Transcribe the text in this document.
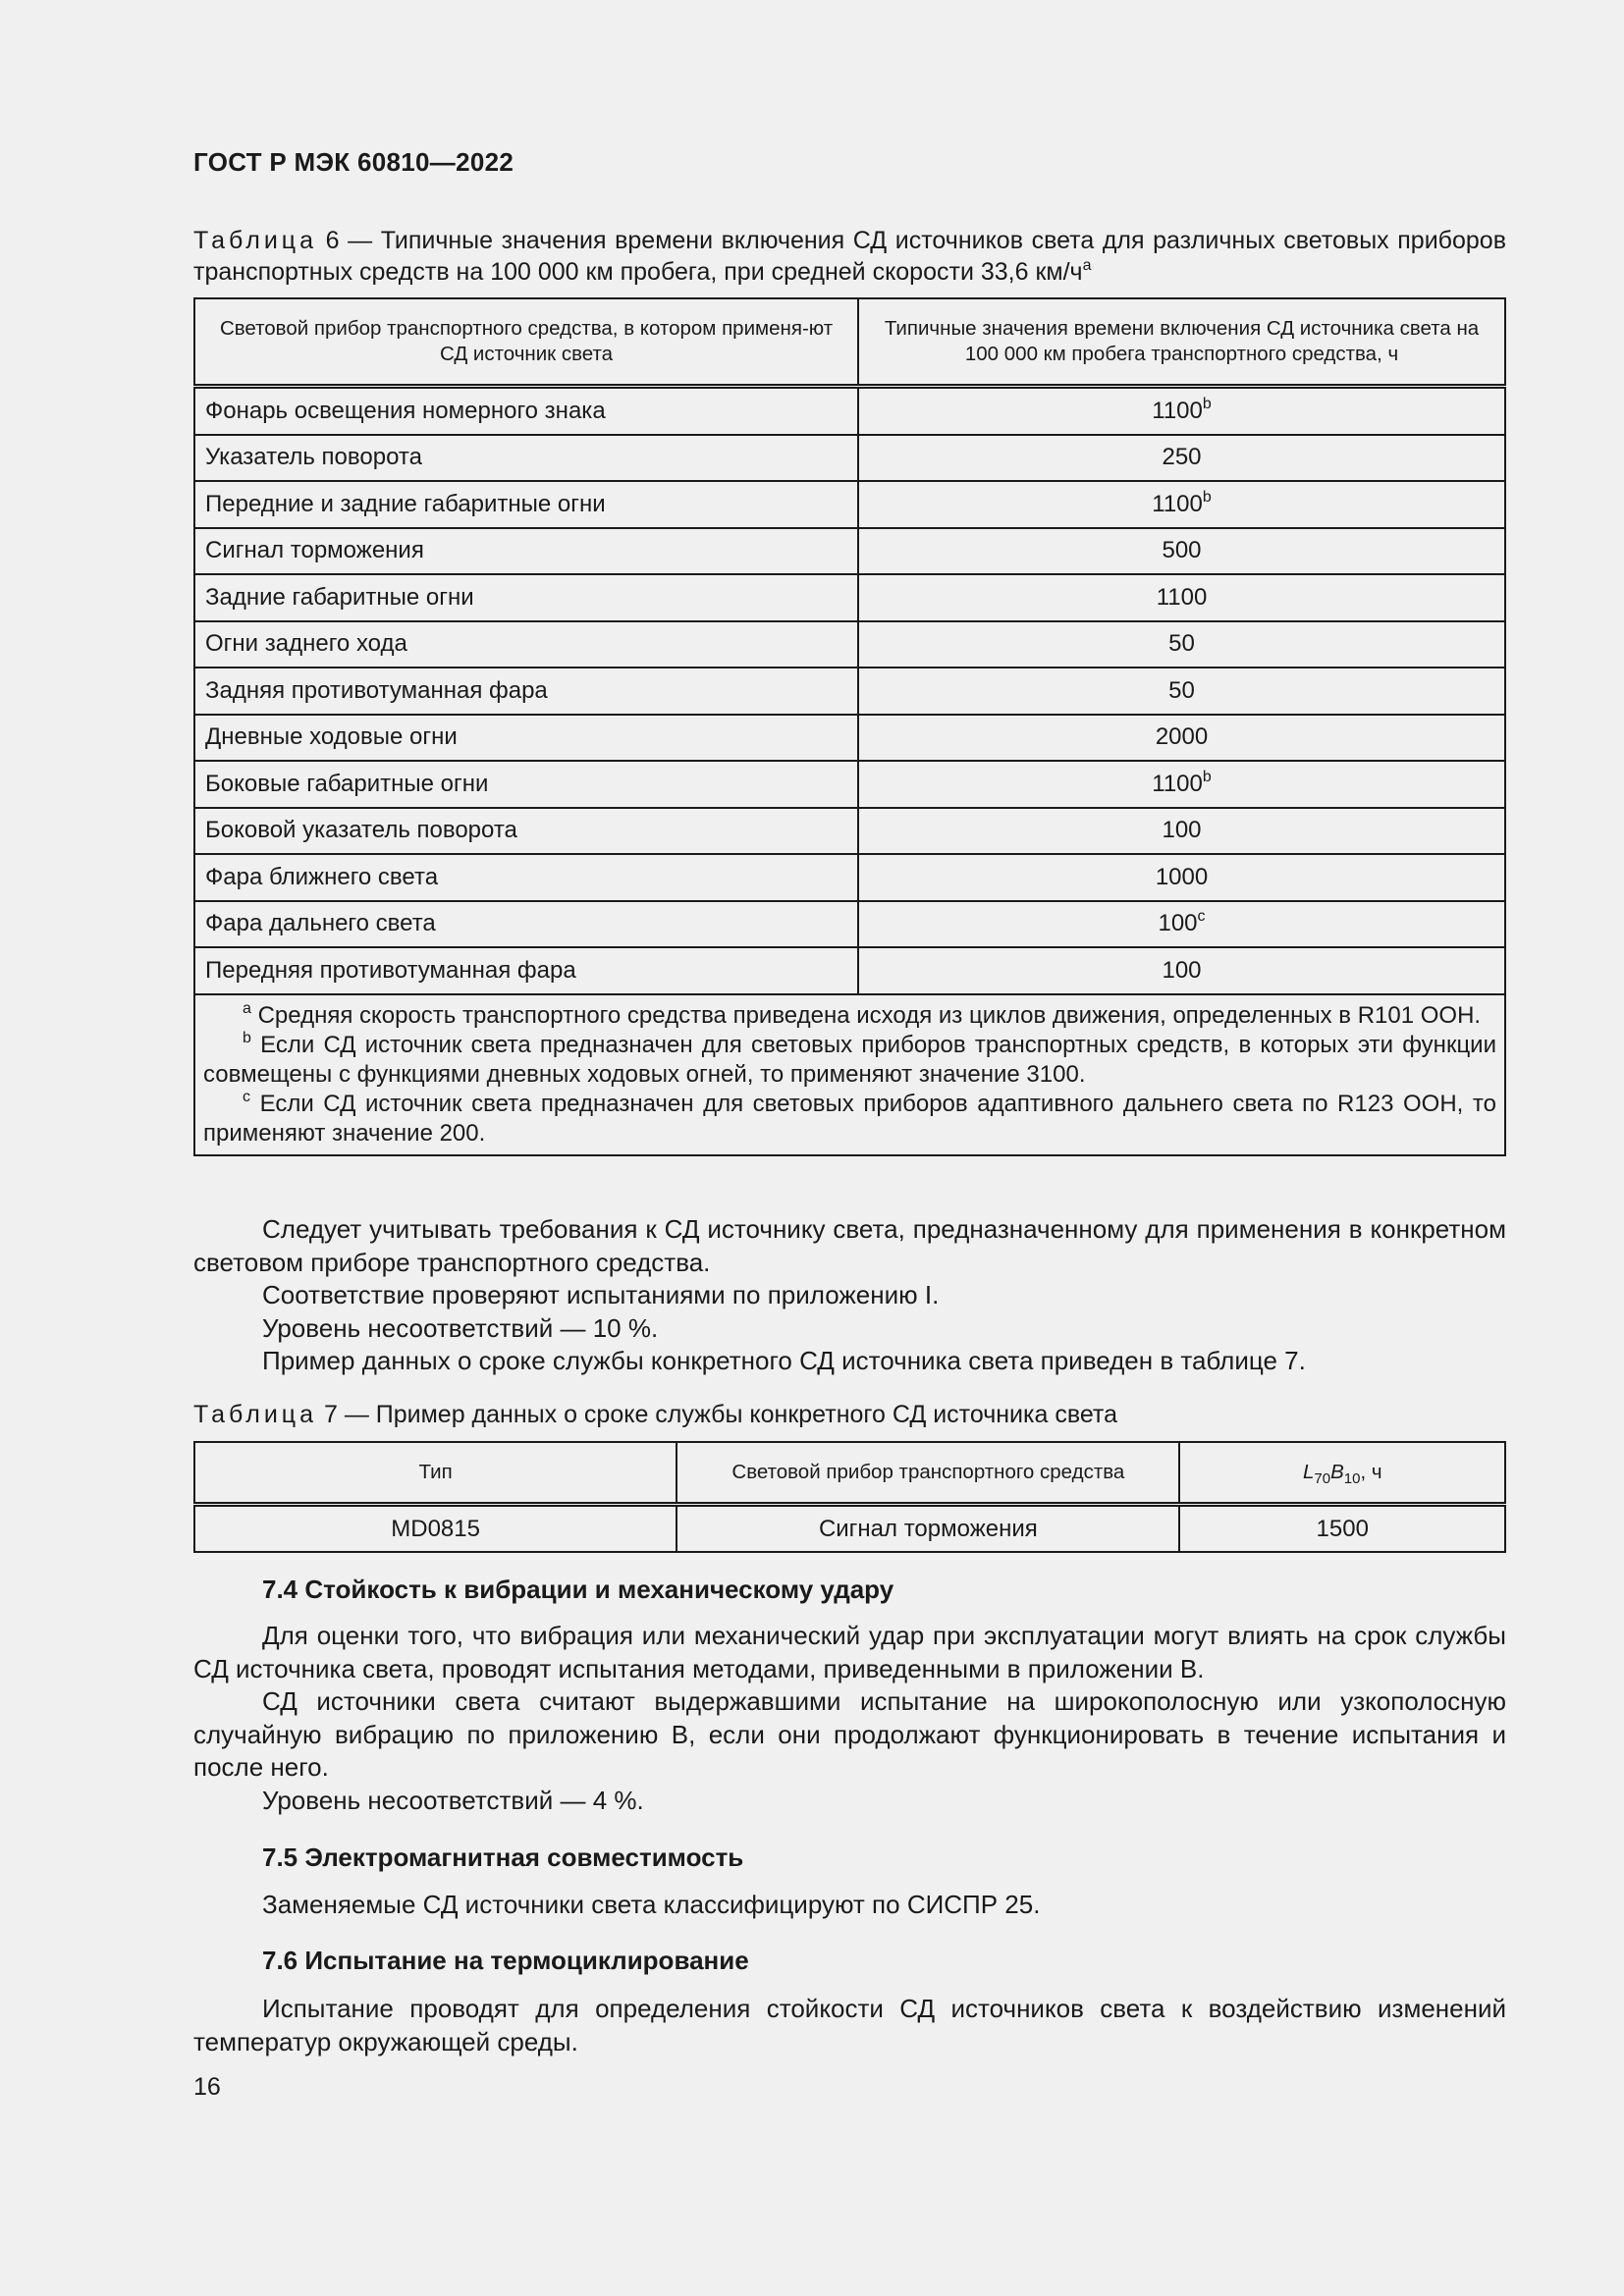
ГОСТ Р МЭК 60810—2022
Таблица 6 — Типичные значения времени включения СД источников света для различных световых приборов транспортных средств на 100 000 км пробега, при средней скорости 33,6 $км/ч^a$
Световой прибор транспортного средства, в котором применя-ют СД источник света	Типичные значения времени включения СД источника света на 100 000 км пробега транспортного средства, ч
Фонарь освещения номерного знака	1100$^b$
Указатель поворота	250
Передние и задние габаритные огни	1100$^b$
Сигнал торможения	500
Задние габаритные огни	1100
Огни заднего хода	50
Задняя противотуманная фара	50
Дневные ходовые огни	2000
Боковые габаритные огни	1100$^b$
Боковой указатель поворота	100
Фара ближнего света	1000
Фара дальнего света	100$^c$
Передняя противотуманная фара	100

$^a$ Средняя скорость транспортного средства приведена исходя из циклов движения, определенных в R101 ООН.

$^b$ Если СД источник света предназначен для световых приборов транспортных средств, в которых эти функции совмещены с функциями дневных ходовых огней, то применяют значение 3100.

$^c$ Если СД источник света предназначен для световых приборов адаптивного дальнего света по R123 ООН, то применяют значение 200.	

Следует учитывать требования к СД источнику света, предназначенному для применения в конкретном световом приборе транспортного средства.

Соответствие проверяют испытаниями по приложению I.

Уровень несоответствий — 10 %.

Пример данных о сроке службы конкретного СД источника света приведен в таблице 7.

Таблица 7 — Пример данных о сроке службы конкретного СД источника света
Тип	Световой прибор транспортного средства	$L_{70}B_{10}$, ч
MD0815	Сигнал торможения	1500
7.4 Стойкость к вибрации и механическому удару

Для оценки того, что вибрация или механический удар при эксплуатации могут влиять на срок службы СД источника света, проводят испытания методами, приведенными в приложении B.

СД источники света считают выдержавшими испытание на широкополосную или узкополосную случайную вибрацию по приложению B, если они продолжают функционировать в течение испытания и после него.

Уровень несоответствий — 4 %.

7.5 Электромагнитная совместимость

Заменяемые СД источники света классифицируют по СИСПР 25.

7.6 Испытание на термоциклирование

Испытание проводят для определения стойкости СД источников света к воздействию изменений температур окружающей среды.

16
